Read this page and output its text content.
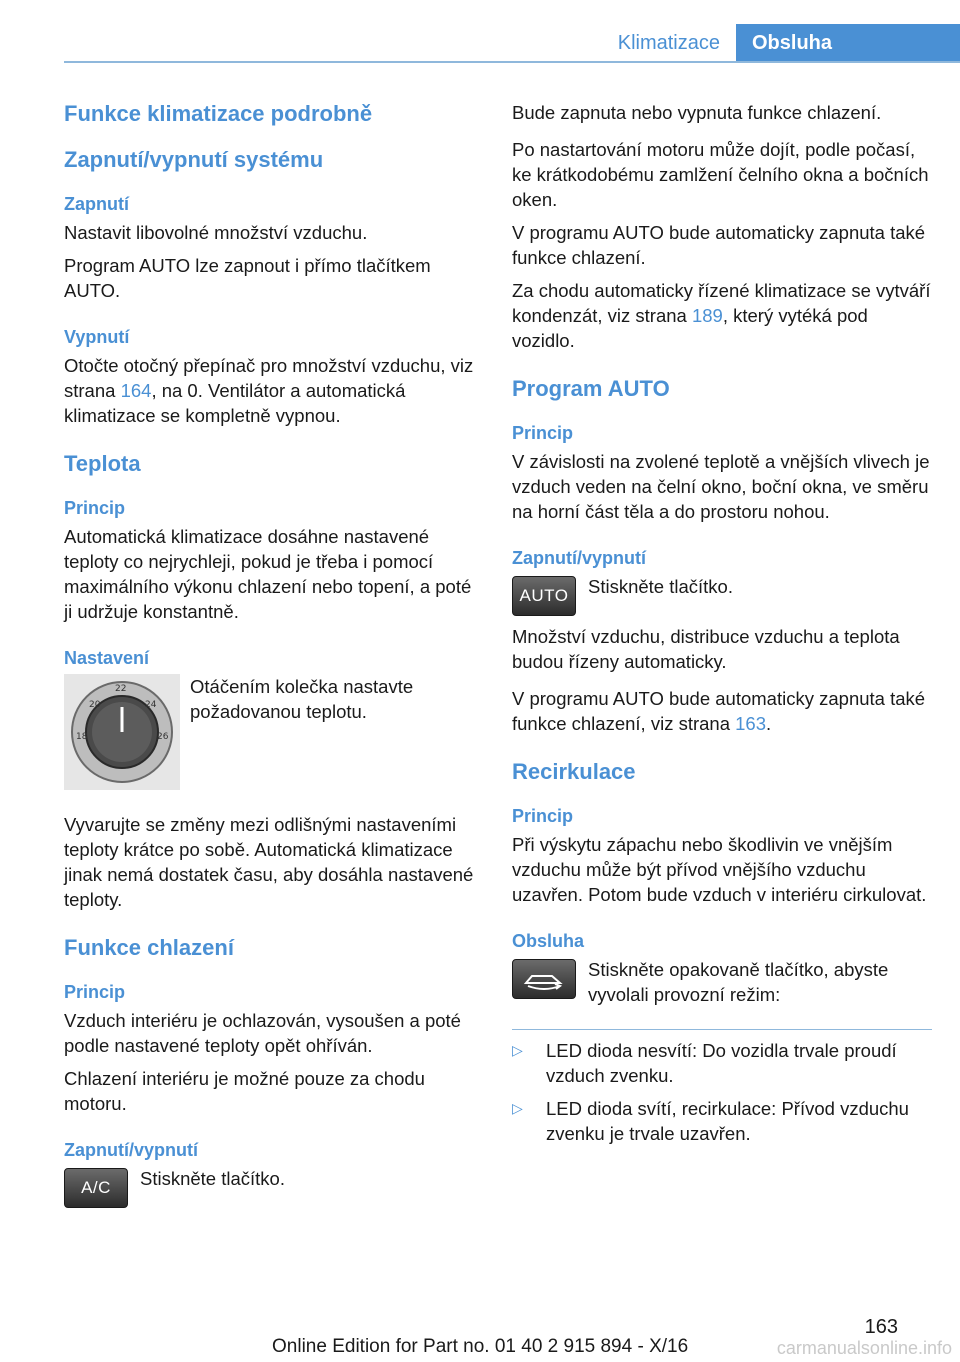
Klimatizace	Obsluha
Funkce klimatizace podrobně
Zapnutí/vypnutí systému
Zapnutí

Nastavit libovolné množství vzduchu.

Program AUTO lze zapnout i přímo tlačítkem AUTO.

Vypnutí

Otočte otočný přepínač pro množství vzduchu, viz strana 164, na 0. Ventilátor a automatická klimatizace se kompletně vypnou.

Teplota
Princip

Automatická klimatizace dosáhne nastavené teploty co nejrychleji, pokud je třeba i pomocí maximálního výkonu chlazení nebo topení, a poté ji udržuje konstantně.

Nastavení
20
22
24
18	26

Otáčením kolečka nastavte požadovanou teplotu.

Vyvarujte se změny mezi odlišnými nastaveními teploty krátce po sobě. Automatická klimatizace jinak nemá dostatek času, aby dosáhla nastavené teploty.

Funkce chlazení
Princip

Vzduch interiéru je ochlazován, vysoušen a poté podle nastavené teploty opět ohříván.

Chlazení interiéru je možné pouze za chodu motoru.

Zapnutí/vypnutí
A/C Stiskněte tlačítko.

Bude zapnuta nebo vypnuta funkce chlazení.

Po nastartování motoru může dojít, podle počasí, ke krátkodobému zamlžení čelního okna a bočních oken.

V programu AUTO bude automaticky zapnuta také funkce chlazení.

Za chodu automaticky řízené klimatizace se vytváří kondenzát, viz strana 189, který vytéká pod vozidlo.

Program AUTO
Princip

V závislosti na zvolené teplotě a vnějších vlivech je vzduch veden na čelní okno, boční okna, ve směru na horní část těla a do prostoru nohou.

Zapnutí/vypnutí
AUTO Stiskněte tlačítko.

Množství vzduchu, distribuce vzduchu a teplota budou řízeny automaticky.

V programu AUTO bude automaticky zapnuta také funkce chlazení, viz strana 163.

Recirkulace
Princip

Při výskytu zápachu nebo škodlivin ve vnějším vzduchu může být přívod vnějšího vzduchu uzavřen. Potom bude vzduch v interiéru cirkulovat.

Obsluha

Stiskněte opakovaně tlačítko, abyste vyvolali provozní režim:

▷ LED dioda nesvítí: Do vozidla trvale proudí vzduch zvenku.
▷ LED dioda svítí, recirkulace: Přívod vzduchu zvenku je trvale uzavřen.
163
Online Edition for Part no. 01 40 2 915 894 - X/16	carmanualsonline.info
